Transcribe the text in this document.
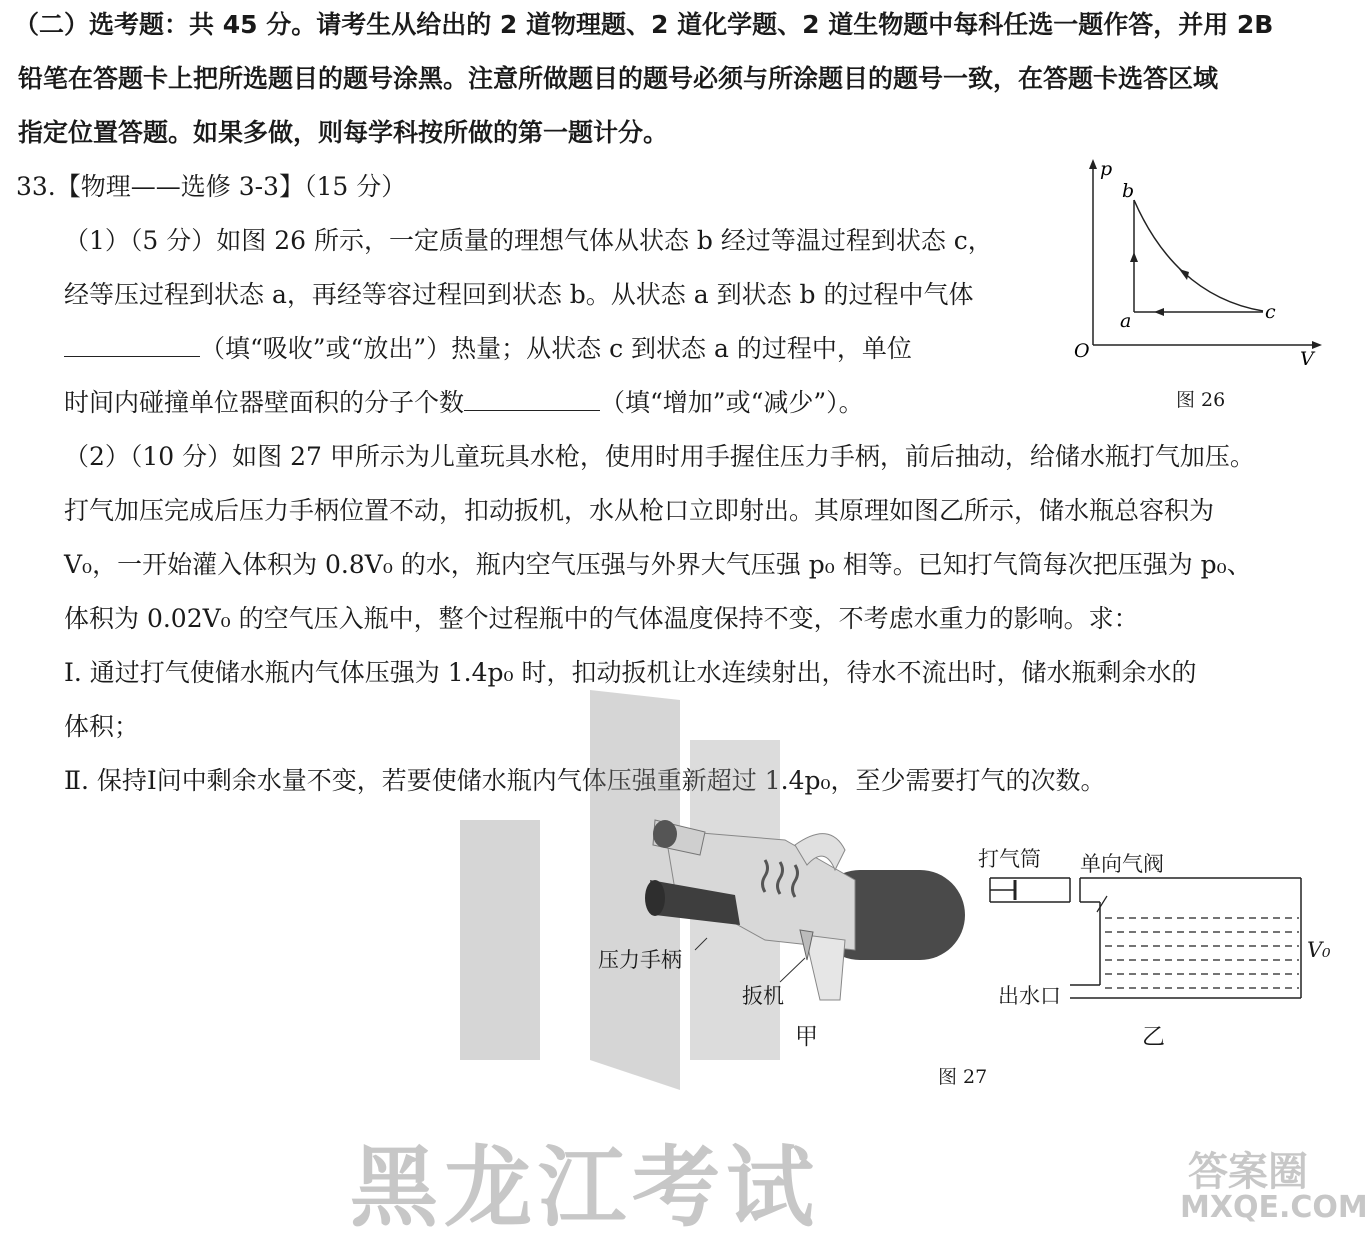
（二）选考题：共 45 分。请考生从给出的 2 道物理题、2 道化学题、2 道生物题中每科任选一题作答，并用 2B
铅笔在答题卡上把所选题目的题号涂黑。注意所做题目的题号必须与所涂题目的题号一致，在答题卡选答区域
指定位置答题。如果多做，则每学科按所做的第一题计分。
33.【物理——选修 3-3】（15 分）
（1）（5 分）如图 26 所示，一定质量的理想气体从状态 b 经过等温过程到状态 c，
经等压过程到状态 a，再经等容过程回到状态 b。从状态 a 到状态 b 的过程中气体
（填“吸收”或“放出”）热量；从状态 c 到状态 a 的过程中，单位
时间内碰撞单位器壁面积的分子个数	（填“增加”或“减少”）。
（2）（10 分）如图 27 甲所示为儿童玩具水枪，使用时用手握住压力手柄，前后抽动，给储水瓶打气加压。
打气加压完成后压力手柄位置不动，扣动扳机，水从枪口立即射出。其原理如图乙所示，储水瓶总容积为
V₀，一开始灌入体积为 0.8V₀ 的水，瓶内空气压强与外界大气压强 p₀ 相等。已知打气筒每次把压强为 p₀、
体积为 0.02V₀ 的空气压入瓶中，整个过程瓶中的气体温度保持不变，不考虑水重力的影响。求：
Ⅰ. 通过打气使储水瓶内气体压强为 1.4p₀ 时，扣动扳机让水连续射出，待水不流出时，储水瓶剩余水的
体积；
Ⅱ. 保持Ⅰ问中剩余水量不变，若要使储水瓶内气体压强重新超过 1.4p₀，至少需要打气的次数。
p
V
O
b
a	c
图 26
压力手柄
扳机
甲
打气筒 单向气阀
出水口
V₀
乙
图 27
黑龙江考试	答案圈
MXQE.COM
